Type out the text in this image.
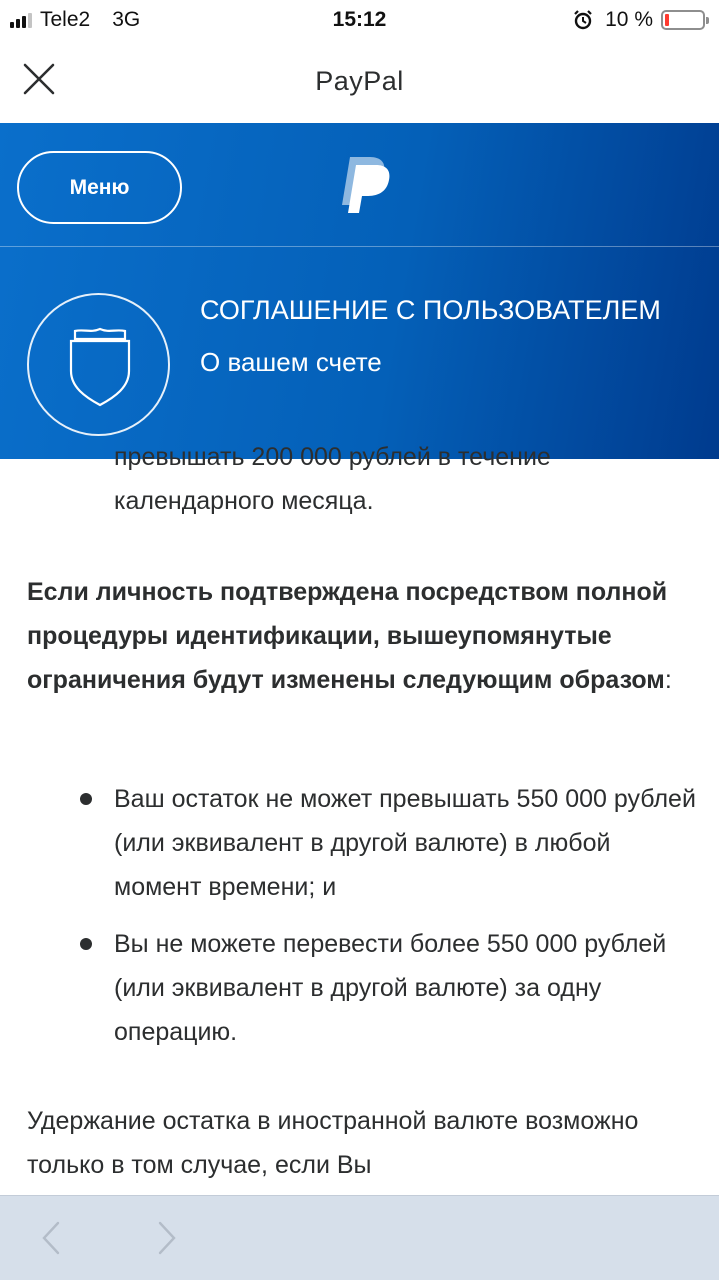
Tele2 3G	15:12	10 %
PayPal
Меню
СОГЛАШЕНИЕ С ПОЛЬЗОВАТЕЛЕМ
О вашем счете
превышать 200 000 рублей в течение
календарного месяца.

Если личность подтверждена посредством полной процедуры идентификации, вышеупомянутые ограничения будут изменены следующим образом:

Ваш остаток не может превышать 550 000 рублей (или эквивалент в другой валюте) в любой момент времени; и
Вы не можете перевести более 550 000 рублей (или эквивалент в другой валюте) за одну операцию.

Удержание остатка в иностранной валюте возможно только в том случае, если Вы
